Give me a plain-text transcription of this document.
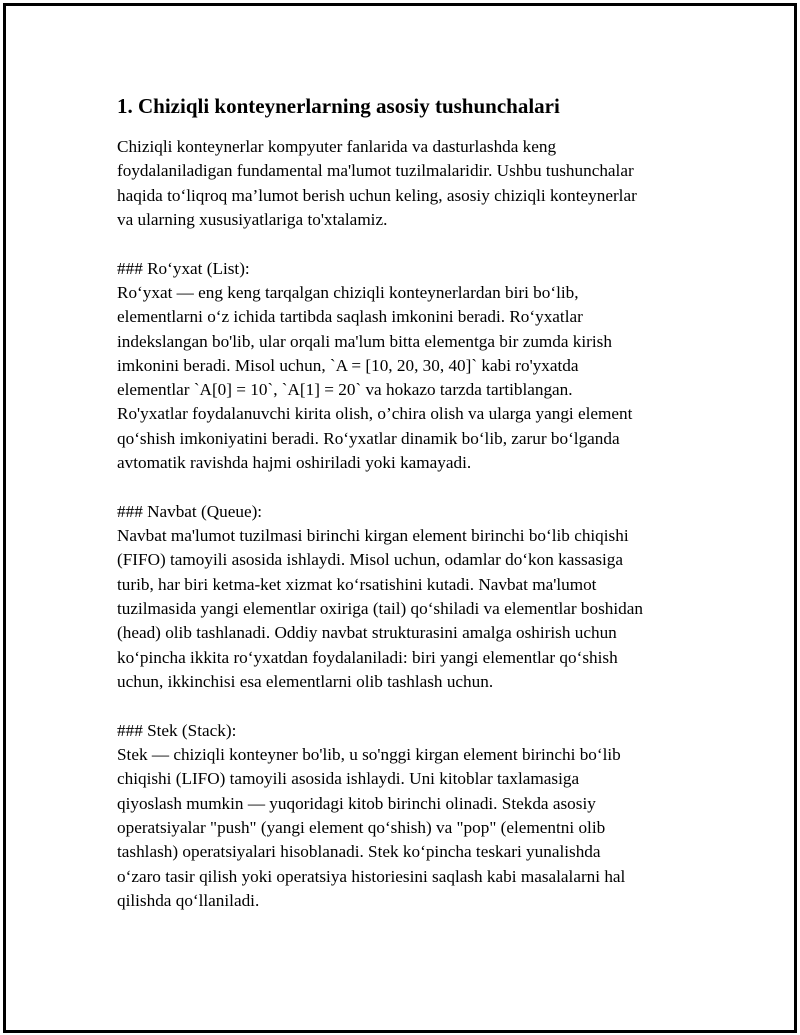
1. Chiziqli konteynerlarning asosiy tushunchalari

Chiziqli konteynerlar kompyuter fanlarida va dasturlashda keng

foydalaniladigan fundamental ma'lumot tuzilmalaridir. Ushbu tushunchalar

haqida to‘liqroq ma’lumot berish uchun keling, asosiy chiziqli konteynerlar

va ularning xususiyatlariga to'xtalamiz.

### Ro‘yxat (List):

Ro‘yxat — eng keng tarqalgan chiziqli konteynerlardan biri bo‘lib,

elementlarni o‘z ichida tartibda saqlash imkonini beradi. Ro‘yxatlar

indekslangan bo'lib, ular orqali ma'lum bitta elementga bir zumda kirish

imkonini beradi. Misol uchun, `A = [10, 20, 30, 40]` kabi ro'yxatda

elementlar `A[0] = 10`, `A[1] = 20` va hokazo tarzda tartiblangan.

Ro'yxatlar foydalanuvchi kirita olish, o’chira olish va ularga yangi element

qo‘shish imkoniyatini beradi. Ro‘yxatlar dinamik bo‘lib, zarur bo‘lganda

avtomatik ravishda hajmi oshiriladi yoki kamayadi.

### Navbat (Queue):

Navbat ma'lumot tuzilmasi birinchi kirgan element birinchi bo‘lib chiqishi

(FIFO) tamoyili asosida ishlaydi. Misol uchun, odamlar do‘kon kassasiga

turib, har biri ketma-ket xizmat ko‘rsatishini kutadi. Navbat ma'lumot

tuzilmasida yangi elementlar oxiriga (tail) qo‘shiladi va elementlar boshidan

(head) olib tashlanadi. Oddiy navbat strukturasini amalga oshirish uchun

ko‘pincha ikkita ro‘yxatdan foydalaniladi: biri yangi elementlar qo‘shish

uchun, ikkinchisi esa elementlarni olib tashlash uchun.

### Stek (Stack):

Stek — chiziqli konteyner bo'lib, u so'nggi kirgan element birinchi bo‘lib

chiqishi (LIFO) tamoyili asosida ishlaydi. Uni kitoblar taxlamasiga

qiyoslash mumkin — yuqoridagi kitob birinchi olinadi. Stekda asosiy

operatsiyalar "push" (yangi element qo‘shish) va "pop" (elementni olib

tashlash) operatsiyalari hisoblanadi. Stek ko‘pincha teskari yunalishda

o‘zaro tasir qilish yoki operatsiya historiesini saqlash kabi masalalarni hal

qilishda qo‘llaniladi.
